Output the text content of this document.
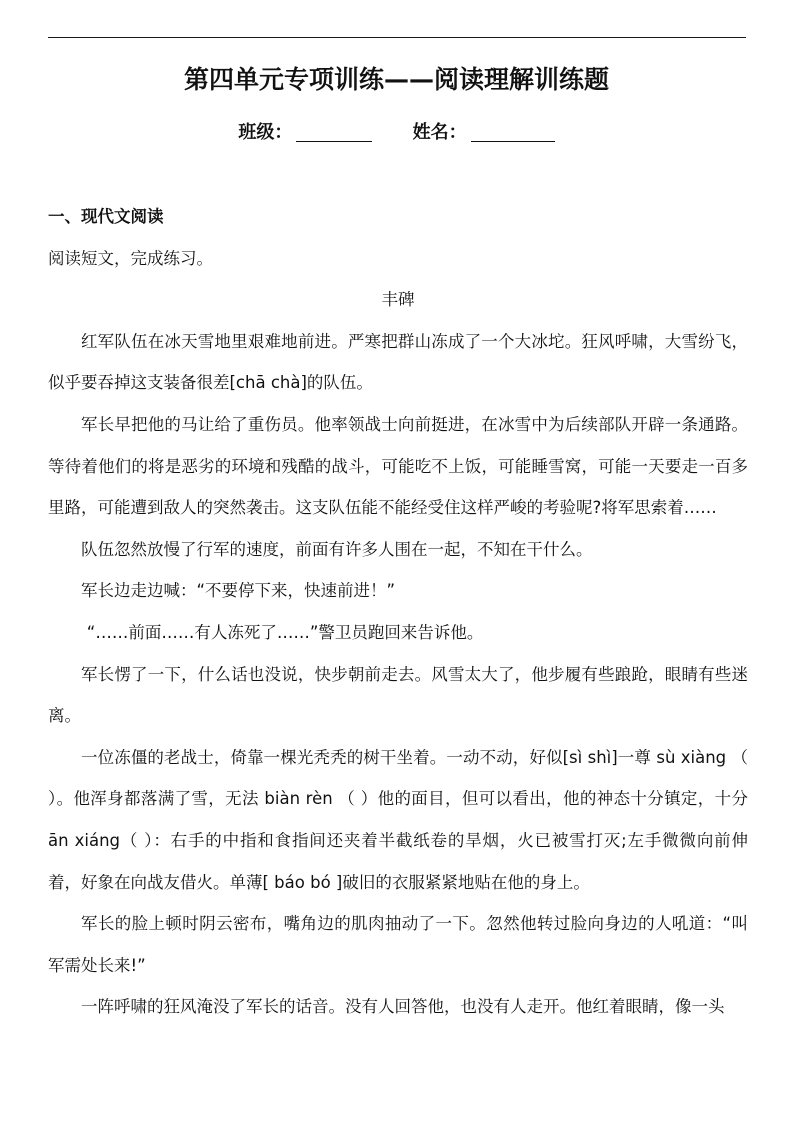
第四单元专项训练——阅读理解训练题
班级：	姓名：

一、现代文阅读

阅读短文，完成练习。

丰碑

红军队伍在冰天雪地里艰难地前进。严寒把群山冻成了一个大冰坨。狂风呼啸，大雪纷飞，似乎要吞掉这支装备很差[chā chà]的队伍。

军长早把他的马让给了重伤员。他率领战士向前挺进，在冰雪中为后续部队开辟一条通路。等待着他们的将是恶劣的环境和残酷的战斗，可能吃不上饭，可能睡雪窝，可能一天要走一百多里路，可能遭到敌人的突然袭击。这支队伍能不能经受住这样严峻的考验呢?将军思索着……

队伍忽然放慢了行军的速度，前面有许多人围在一起，不知在干什么。

军长边走边喊：“不要停下来，快速前进！”

“……前面……有人冻死了……”警卫员跑回来告诉他。

军长愣了一下，什么话也没说，快步朝前走去。风雪太大了，他步履有些踉跄，眼睛有些迷离。

一位冻僵的老战士，倚靠一棵光秃秃的树干坐着。一动不动，好似[sì shì]一尊 sù xiàng （ ）。他浑身都落满了雪，无法 biàn rèn （ ）他的面目，但可以看出，他的神态十分镇定，十分ān xiáng（ ）：右手的中指和食指间还夹着半截纸卷的旱烟，火已被雪打灭;左手微微向前伸着，好象在向战友借火。单薄[ báo bó ]破旧的衣服紧紧地贴在他的身上。

军长的脸上顿时阴云密布，嘴角边的肌肉抽动了一下。忽然他转过脸向身边的人吼道：“叫军需处长来!”

一阵呼啸的狂风淹没了军长的话音。没有人回答他，也没有人走开。他红着眼睛，像一头
